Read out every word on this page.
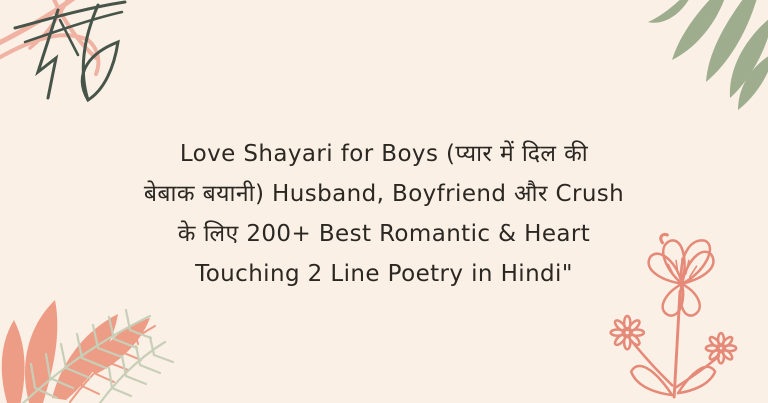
Love Shayari for Boys (प्यार में दिल की
बेबाक बयानी) Husband, Boyfriend और Crush
के लिए 200+ Best Romantic & Heart
Touching 2 Line Poetry in Hindi"
